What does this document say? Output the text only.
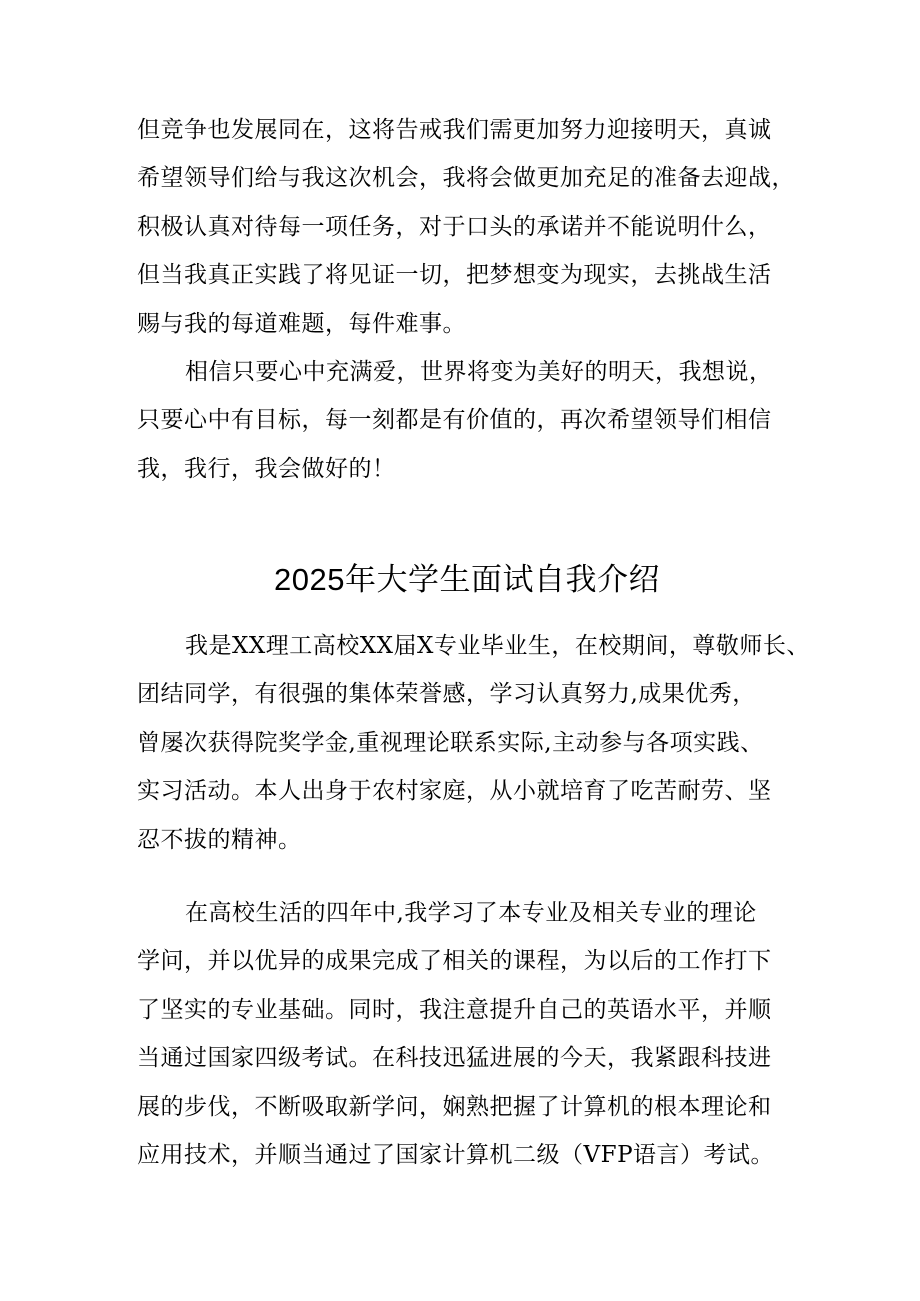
但竞争也发展同在，这将告戒我们需更加努力迎接明天，真诚
希望领导们给与我这次机会，我将会做更加充足的准备去迎战，
积极认真对待每一项任务，对于口头的承诺并不能说明什么，
但当我真正实践了将见证一切，把梦想变为现实，去挑战生活
赐与我的每道难题，每件难事。
相信只要心中充满爱，世界将变为美好的明天，我想说，
只要心中有目标，每一刻都是有价值的，再次希望领导们相信
我，我行，我会做好的！
2025年大学生面试自我介绍
我是XX理工高校XX届X专业毕业生，在校期间，尊敬师长、
团结同学，有很强的集体荣誉感，学习认真努力,成果优秀，
曾屡次获得院奖学金,重视理论联系实际,主动参与各项实践、
实习活动。本人出身于农村家庭，从小就培育了吃苦耐劳、坚
忍不拔的精神。
在高校生活的四年中,我学习了本专业及相关专业的理论
学问，并以优异的成果完成了相关的课程，为以后的工作打下
了坚实的专业基础。同时，我注意提升自己的英语水平，并顺
当通过国家四级考试。在科技迅猛进展的今天，我紧跟科技进
展的步伐，不断吸取新学问，娴熟把握了计算机的根本理论和
应用技术，并顺当通过了国家计算机二级（VFP语言）考试。
